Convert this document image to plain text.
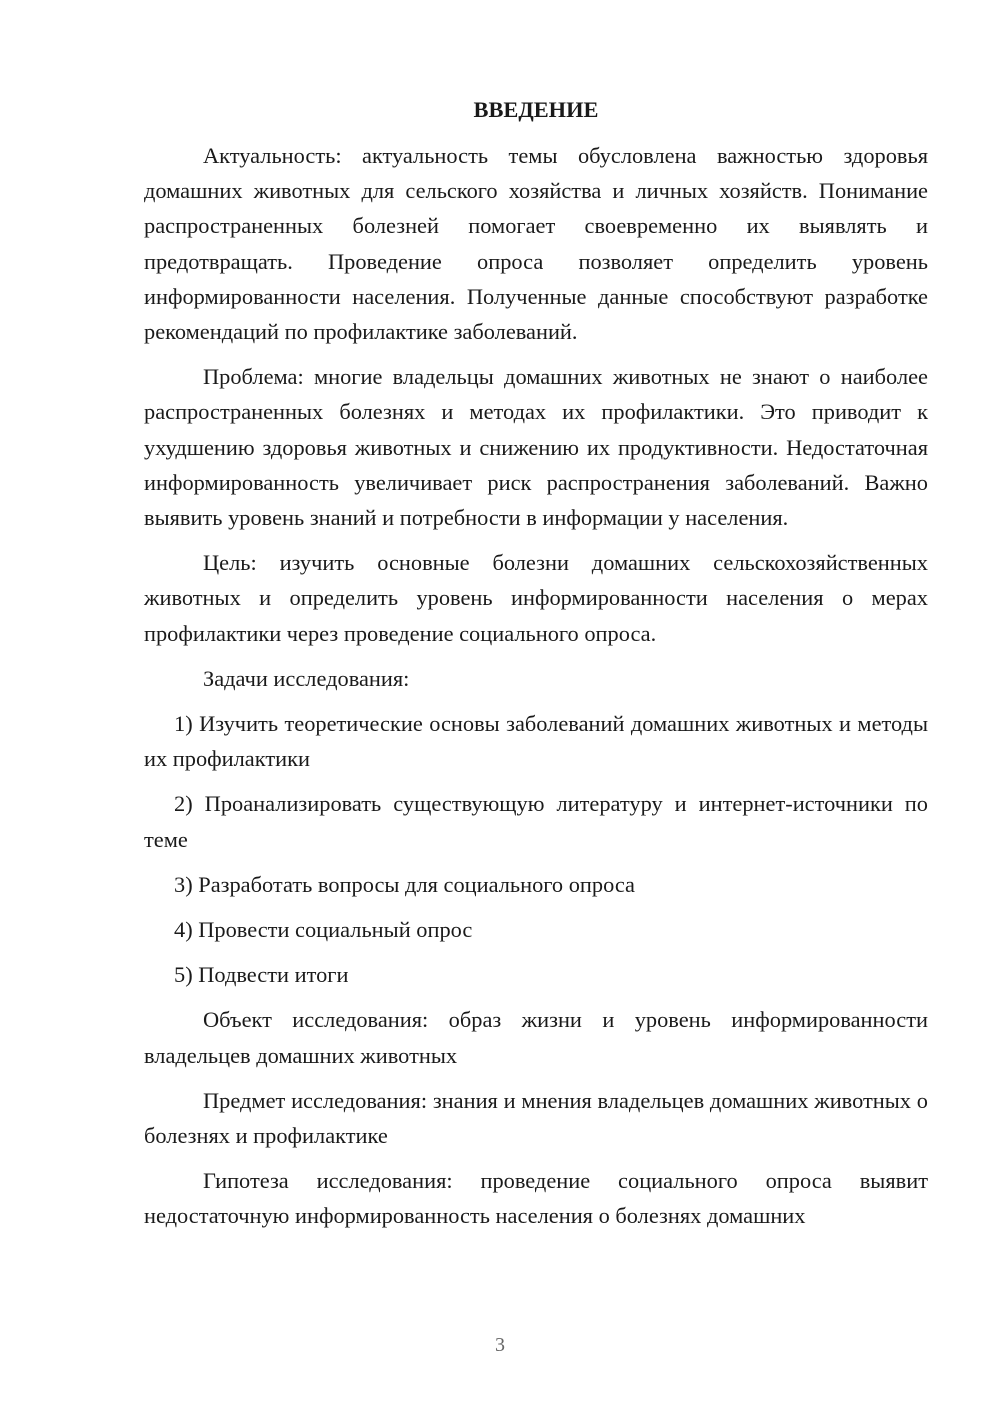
ВВЕДЕНИЕ

Актуальность: актуальность темы обусловлена важностью здоровья домашних животных для сельского хозяйства и личных хозяйств. Понимание распространенных болезней помогает своевременно их выявлять и предотвращать. Проведение опроса позволяет определить уровень информированности населения. Полученные данные способствуют разработке рекомендаций по профилактике заболеваний.

Проблема: многие владельцы домашних животных не знают о наиболее распространенных болезнях и методах их профилактики. Это приводит к ухудшению здоровья животных и снижению их продуктивности. Недостаточная информированность увеличивает риск распространения заболеваний. Важно выявить уровень знаний и потребности в информации у населения.

Цель: изучить основные болезни домашних сельскохозяйственных животных и определить уровень информированности населения о мерах профилактики через проведение социального опроса.

Задачи исследования:

1) Изучить теоретические основы заболеваний домашних животных и методы их профилактики

2) Проанализировать существующую литературу и интернет-источники по теме

3) Разработать вопросы для социального опроса

4) Провести социальный опрос

5) Подвести итоги

Объект исследования: образ жизни и уровень информированности владельцев домашних животных

Предмет исследования: знания и мнения владельцев домашних животных о болезнях и профилактике

Гипотеза исследования: проведение социального опроса выявит недостаточную информированность населения о болезнях домашних

3
